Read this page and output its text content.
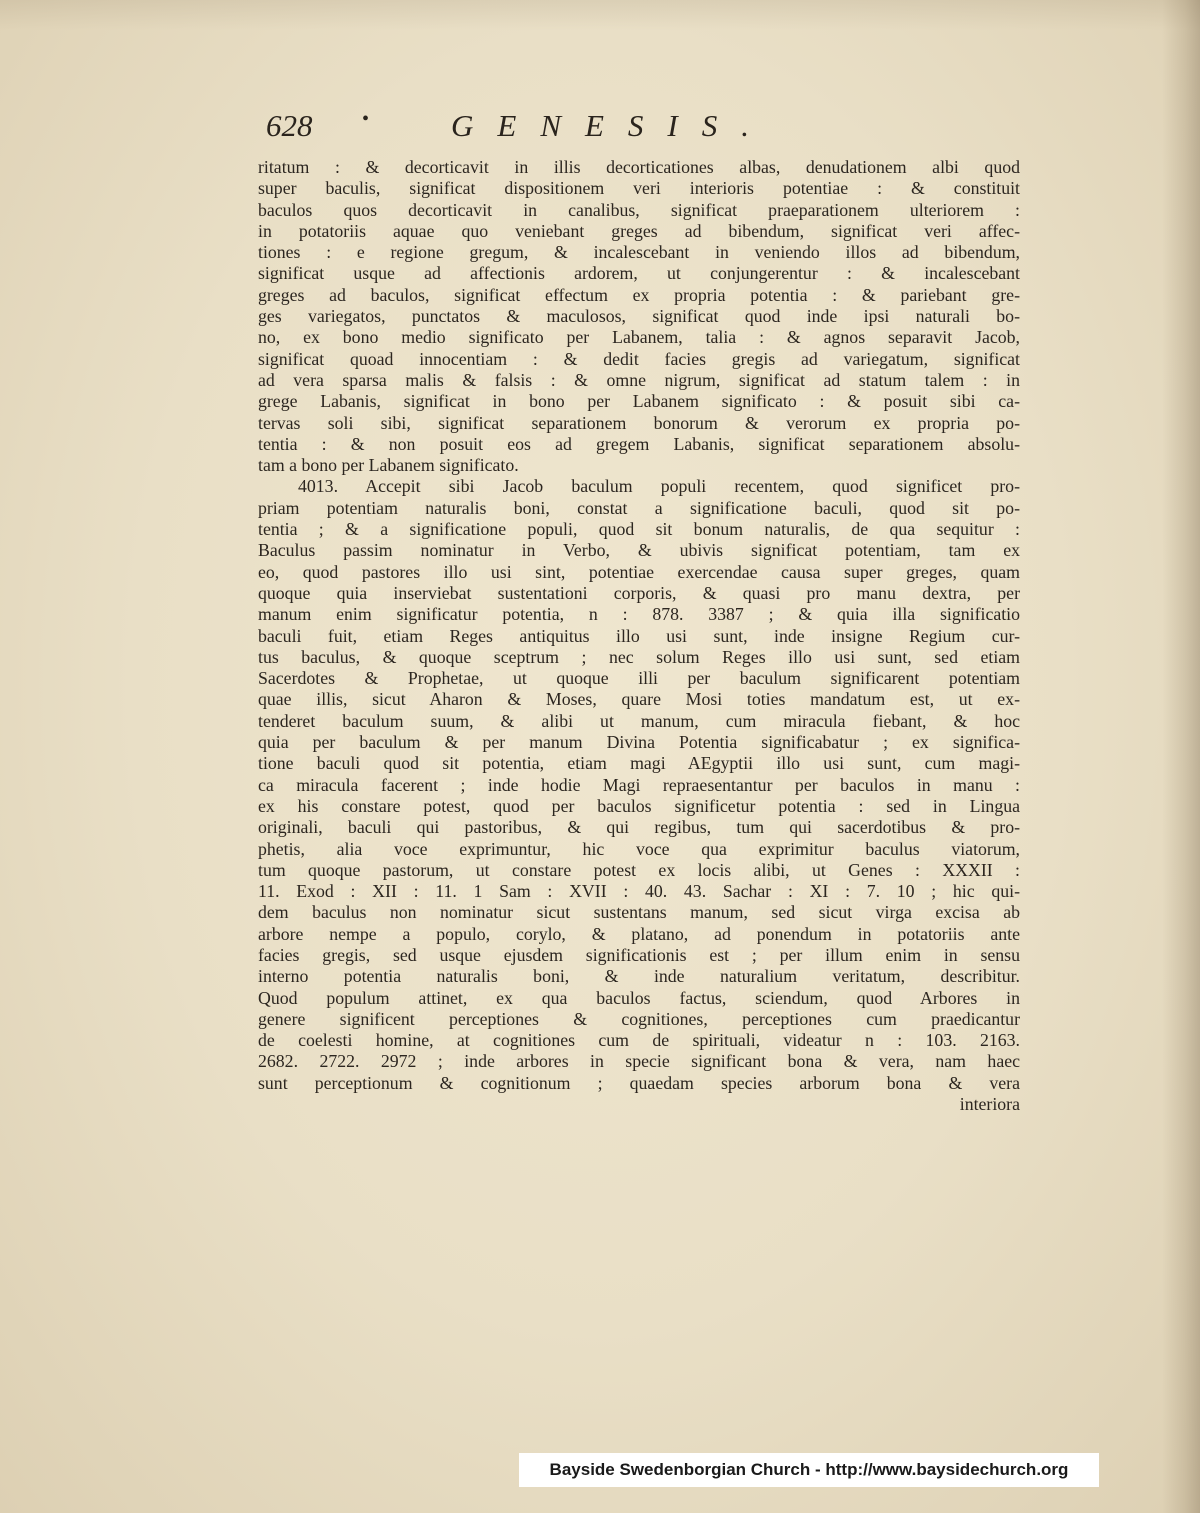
628 •	GENESIS.
ritatum : & decorticavit in illis decorticationes albas, denudationem albi quod
super baculis, significat dispositionem veri interioris potentiae : & constituit
baculos quos decorticavit in canalibus, significat praeparationem ulteriorem :
in potatoriis aquae quo veniebant greges ad bibendum, significat veri affec-
tiones : e regione gregum, & incalescebant in veniendo illos ad bibendum,
significat usque ad affectionis ardorem, ut conjungerentur : & incalescebant
greges ad baculos, significat effectum ex propria potentia : & pariebant gre-
ges variegatos, punctatos & maculosos, significat quod inde ipsi naturali bo-
no, ex bono medio significato per Labanem, talia : & agnos separavit Jacob,
significat quoad innocentiam : & dedit facies gregis ad variegatum, significat
ad vera sparsa malis & falsis : & omne nigrum, significat ad statum talem : in
grege Labanis, significat in bono per Labanem significato : & posuit sibi ca-
tervas soli sibi, significat separationem bonorum & verorum ex propria po-
tentia : & non posuit eos ad gregem Labanis, significat separationem absolu-
tam a bono per Labanem significato.
4013. Accepit sibi Jacob baculum populi recentem, quod significet pro-
priam potentiam naturalis boni, constat a significatione baculi, quod sit po-
tentia ; & a significatione populi, quod sit bonum naturalis, de qua sequitur :
Baculus passim nominatur in Verbo, & ubivis significat potentiam, tam ex
eo, quod pastores illo usi sint, potentiae exercendae causa super greges, quam
quoque quia inserviebat sustentationi corporis, & quasi pro manu dextra, per
manum enim significatur potentia, n : 878. 3387 ; & quia illa significatio
baculi fuit, etiam Reges antiquitus illo usi sunt, inde insigne Regium cur-
tus baculus, & quoque sceptrum ; nec solum Reges illo usi sunt, sed etiam
Sacerdotes & Prophetae, ut quoque illi per baculum significarent potentiam
quae illis, sicut Aharon & Moses, quare Mosi toties mandatum est, ut ex-
tenderet baculum suum, & alibi ut manum, cum miracula fiebant, & hoc
quia per baculum & per manum Divina Potentia significabatur ; ex significa-
tione baculi quod sit potentia, etiam magi AEgyptii illo usi sunt, cum magi-
ca miracula facerent ; inde hodie Magi repraesentantur per baculos in manu :
ex his constare potest, quod per baculos significetur potentia : sed in Lingua
originali, baculi qui pastoribus, & qui regibus, tum qui sacerdotibus & pro-
phetis, alia voce exprimuntur, hic voce qua exprimitur baculus viatorum,
tum quoque pastorum, ut constare potest ex locis alibi, ut Genes : XXXII :
11. Exod : XII : 11. 1 Sam : XVII : 40. 43. Sachar : XI : 7. 10 ; hic qui-
dem baculus non nominatur sicut sustentans manum, sed sicut virga excisa ab
arbore nempe a populo, corylo, & platano, ad ponendum in potatoriis ante
facies gregis, sed usque ejusdem significationis est ; per illum enim in sensu
interno potentia naturalis boni, & inde naturalium veritatum, describitur.
Quod populum attinet, ex qua baculos factus, sciendum, quod Arbores in
genere significent perceptiones & cognitiones, perceptiones cum praedicantur
de coelesti homine, at cognitiones cum de spirituali, videatur n : 103. 2163.
2682. 2722. 2972 ; inde arbores in specie significant bona & vera, nam haec
sunt perceptionum & cognitionum ; quaedam species arborum bona & vera
interiora
Bayside Swedenborgian Church - http://www.baysidechurch.org
